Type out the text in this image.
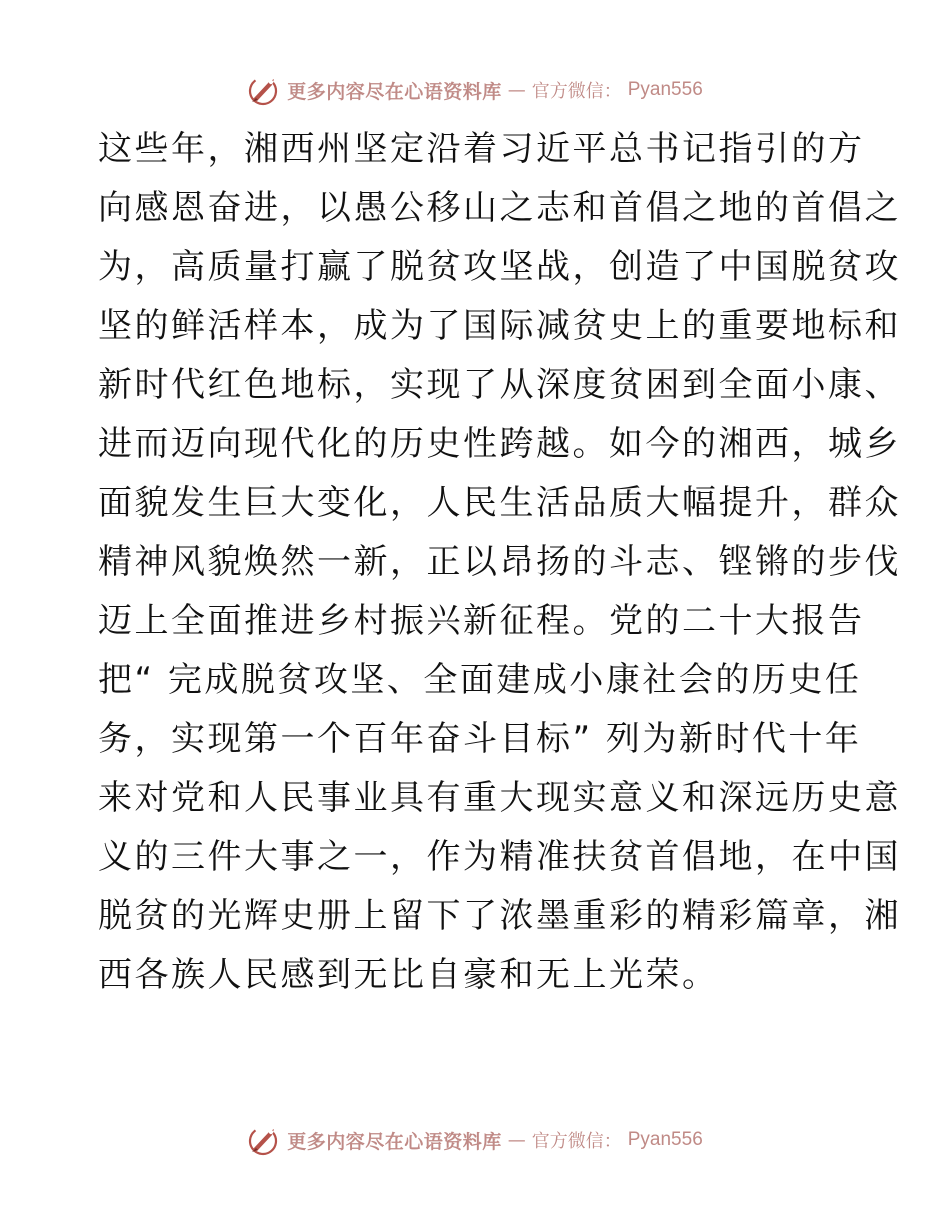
更多内容尽在心语资料库 — 官方微信： Pyan556
这些年，湘西州坚定沿着习近平总书记指引的方
向感恩奋进，以愚公移山之志和首倡之地的首倡之
为，高质量打赢了脱贫攻坚战，创造了中国脱贫攻
坚的鲜活样本，成为了国际减贫史上的重要地标和
新时代红色地标，实现了从深度贫困到全面小康、
进而迈向现代化的历史性跨越。如今的湘西，城乡
面貌发生巨大变化，人民生活品质大幅提升，群众
精神风貌焕然一新，正以昂扬的斗志、铿锵的步伐
迈上全面推进乡村振兴新征程。党的二十大报告
把“ 完成脱贫攻坚、全面建成小康社会的历史任
务，实现第一个百年奋斗目标” 列为新时代十年
来对党和人民事业具有重大现实意义和深远历史意
义的三件大事之一，作为精准扶贫首倡地，在中国
脱贫的光辉史册上留下了浓墨重彩的精彩篇章，湘
西各族人民感到无比自豪和无上光荣。
更多内容尽在心语资料库 — 官方微信： Pyan556
